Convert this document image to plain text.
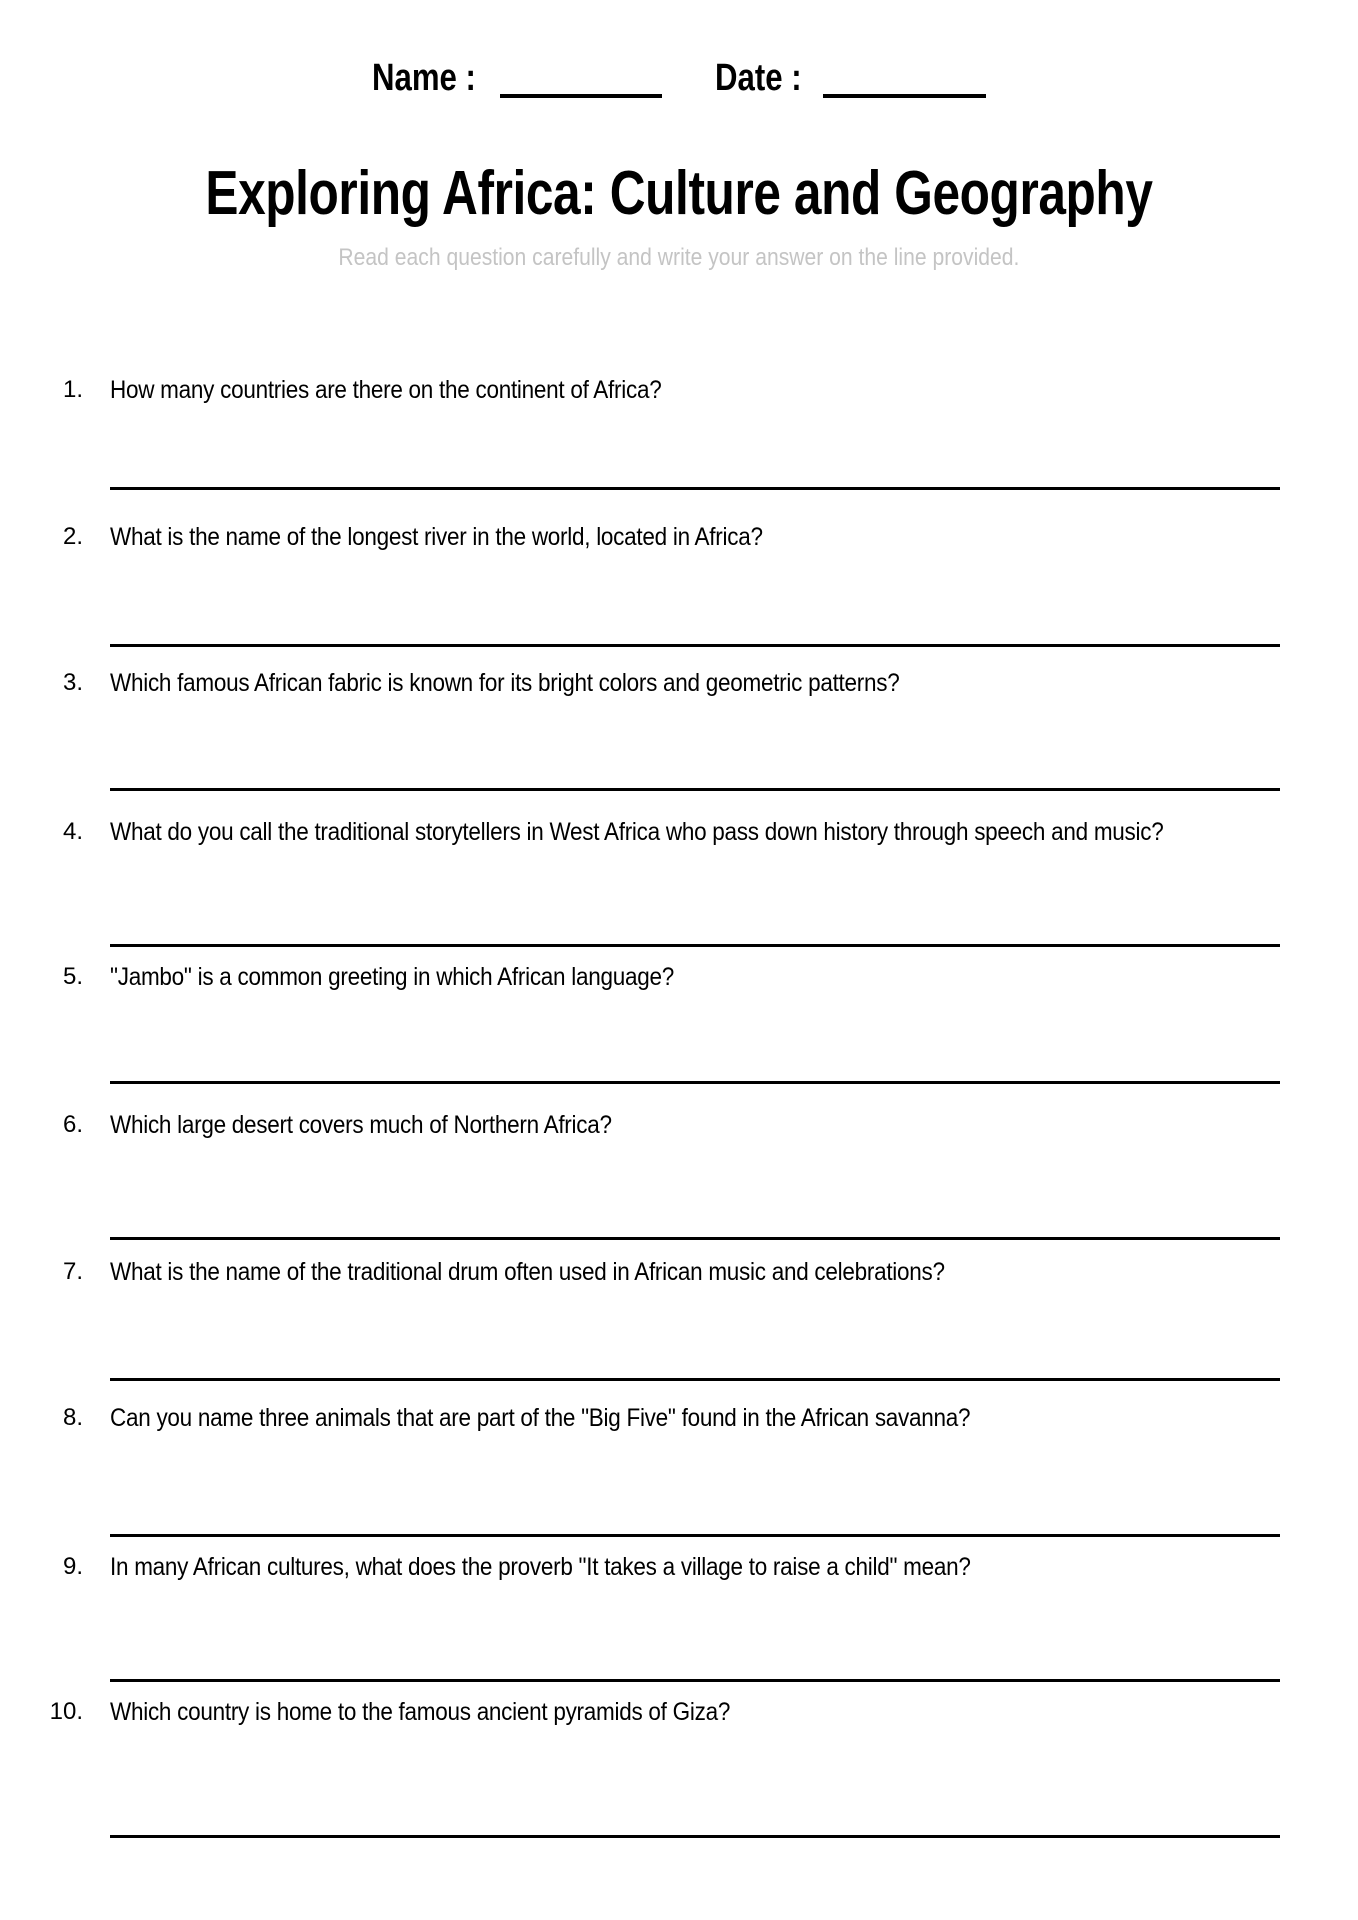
Name :	Date :
Exploring Africa: Culture and Geography
Read each question carefully and write your answer on the line provided.
1. How many countries are there on the continent of Africa?
2. What is the name of the longest river in the world, located in Africa?
3. Which famous African fabric is known for its bright colors and geometric patterns?
4. What do you call the traditional storytellers in West Africa who pass down history through speech and music?
5. "Jambo" is a common greeting in which African language?
6. Which large desert covers much of Northern Africa?
7. What is the name of the traditional drum often used in African music and celebrations?
8. Can you name three animals that are part of the "Big Five" found in the African savanna?
9. In many African cultures, what does the proverb "It takes a village to raise a child" mean?
10. Which country is home to the famous ancient pyramids of Giza?
